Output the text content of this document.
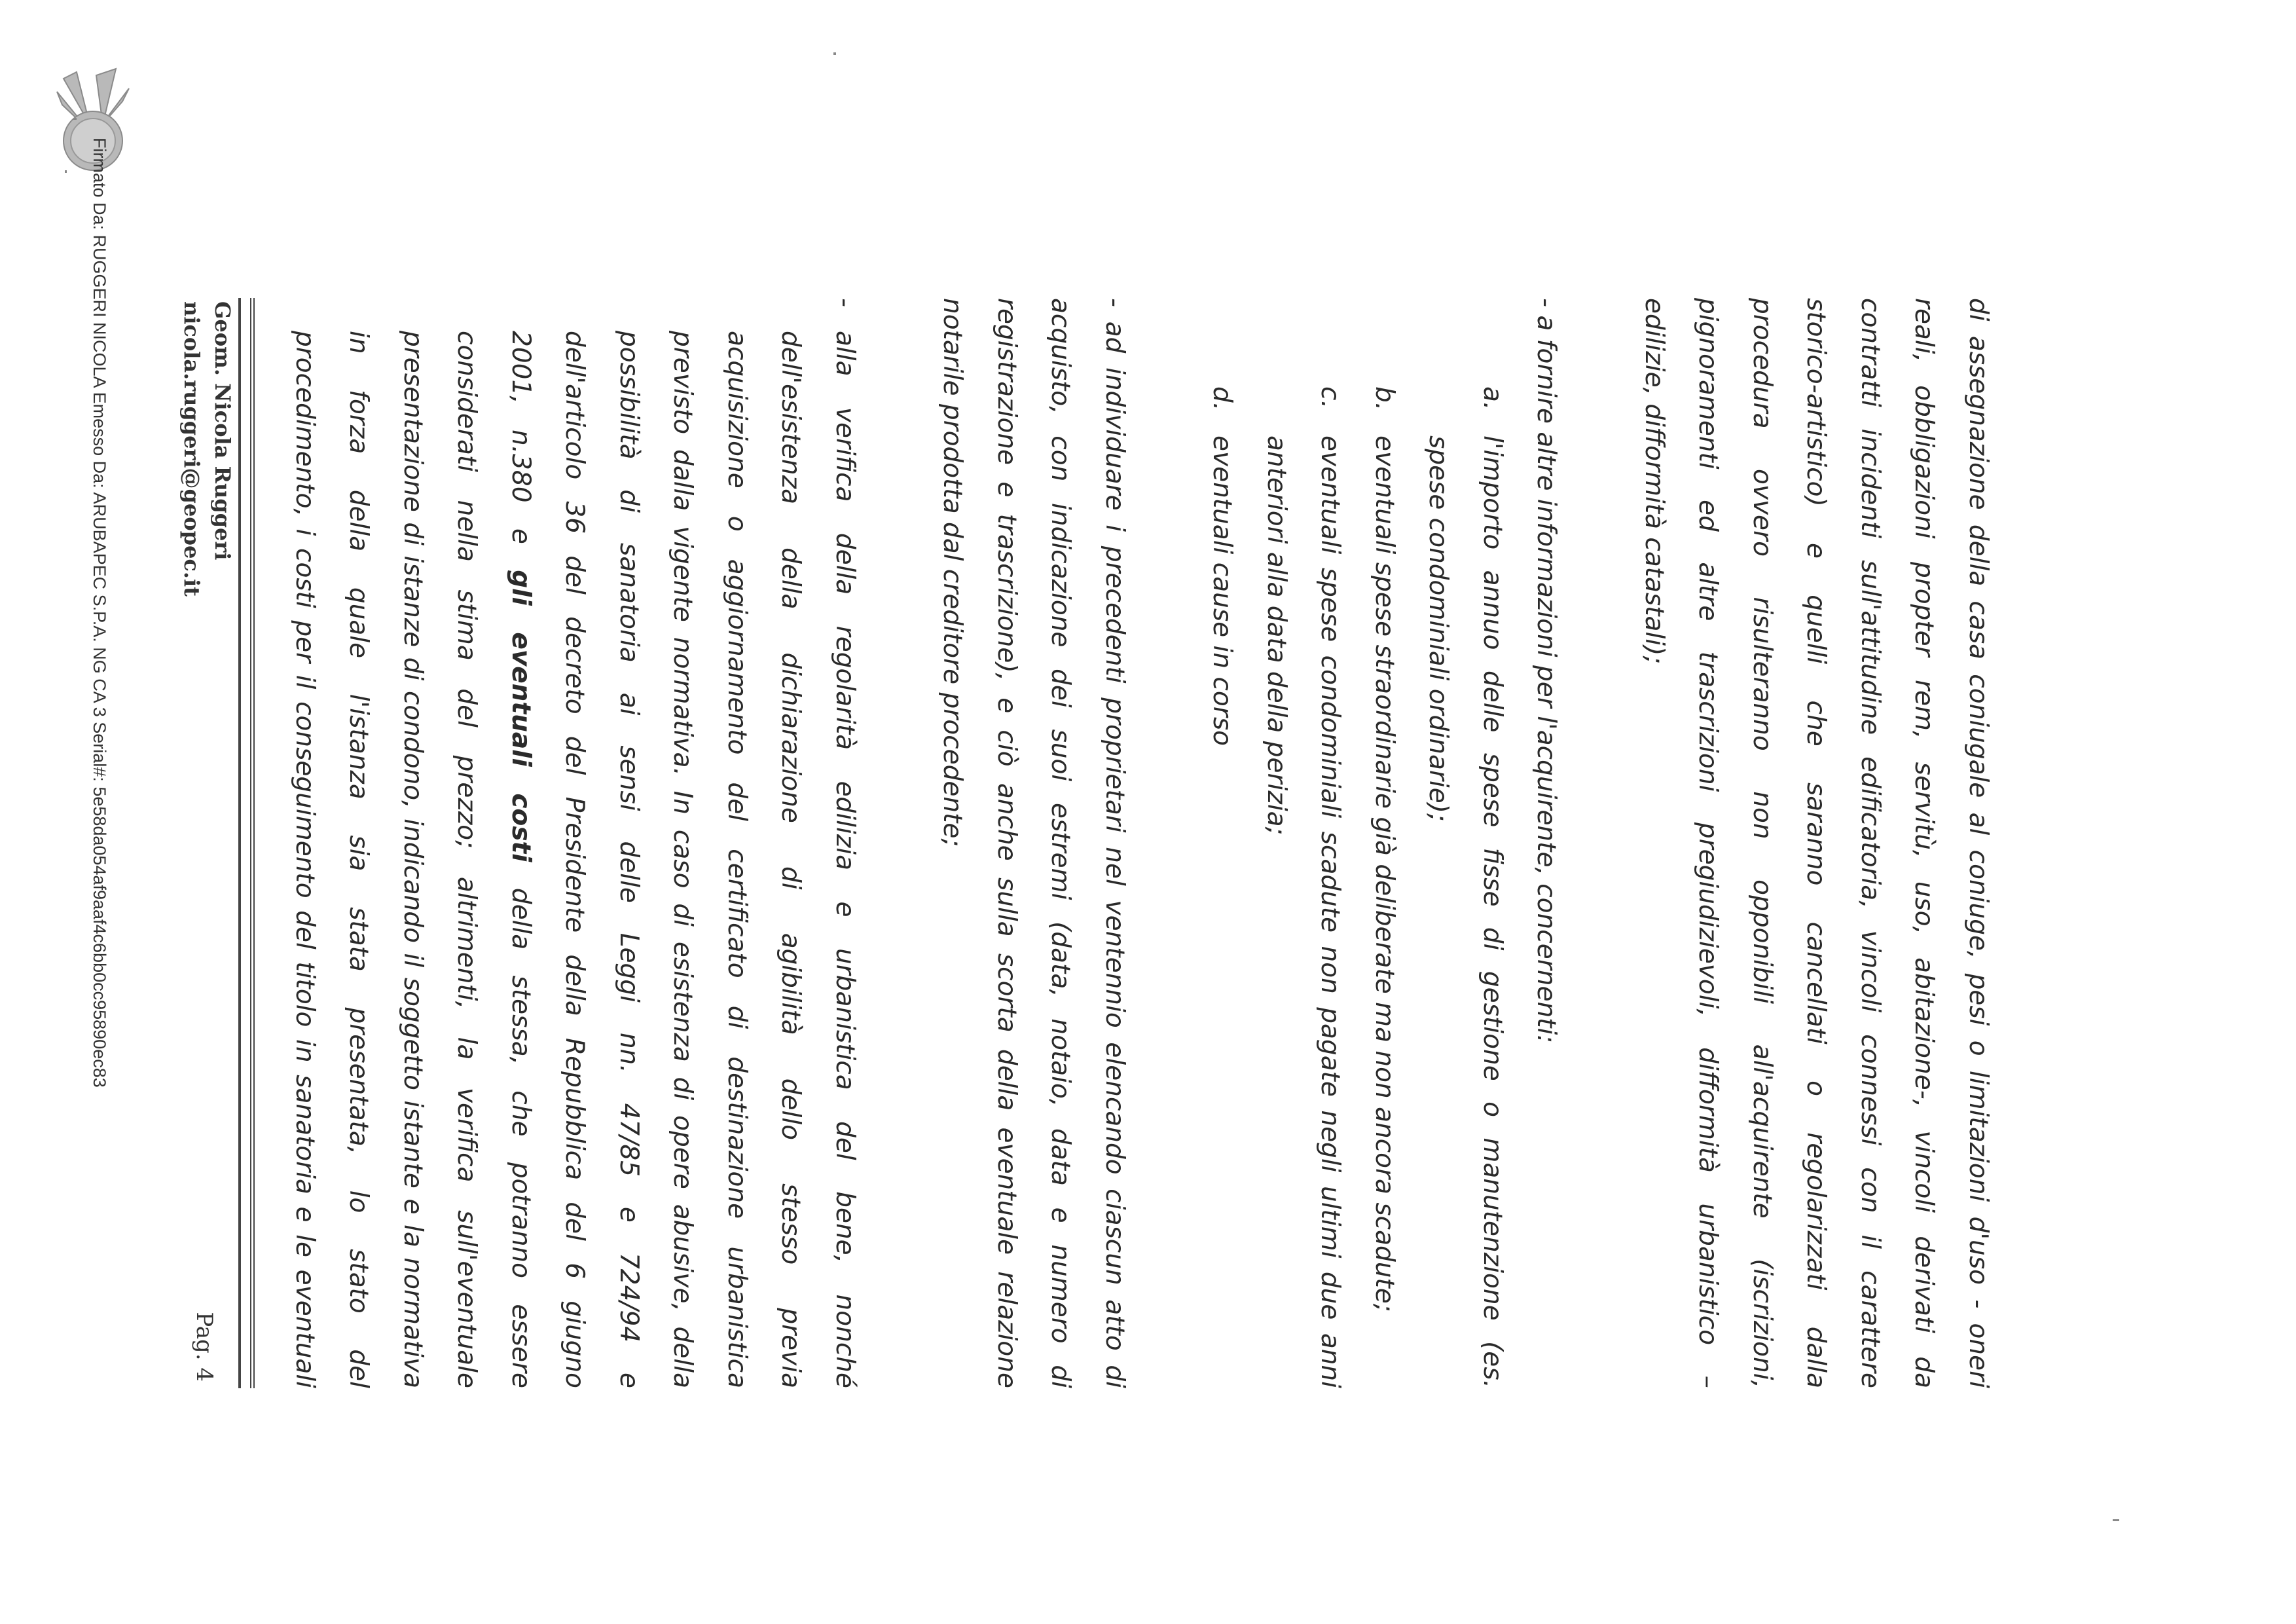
di assegnazione della casa coniugale al coniuge, pesi o limitazioni d'uso - oneri
reali, obbligazioni propter rem, servitù, uso, abitazione-, vincoli derivati da
contratti incidenti sull'attitudine edificatoria, vincoli connessi con il carattere
storico-artistico) e quelli che saranno cancellati o regolarizzati dalla
procedura ovvero risulteranno non opponibili all'acquirente (iscrizioni,
pignoramenti ed altre trascrizioni pregiudizievoli, difformità urbanistico –
edilizie, difformità catastali);
- a fornire altre informazioni per l'acquirente, concernenti:
a.
l'importo annuo delle spese fisse di gestione o manutenzione (es.
spese condominiali ordinarie);
b.
eventuali spese straordinarie già deliberate ma non ancora scadute;
c.
eventuali spese condominiali scadute non pagate negli ultimi due anni
anteriori alla data della perizia;
d.
eventuali cause in corso
- ad individuare i precedenti proprietari nel ventennio elencando ciascun atto di
acquisto, con indicazione dei suoi estremi (data, notaio, data e numero di
registrazione e trascrizione), e ciò anche sulla scorta della eventuale relazione
notarile prodotta dal creditore procedente;
-
alla verifica della regolarità edilizia e urbanistica del bene, nonché
dell'esistenza della dichiarazione di agibilità dello stesso previa
acquisizione o aggiornamento del certificato di destinazione urbanistica
previsto dalla vigente normativa. In caso di esistenza di opere abusive, della
possibilità di sanatoria ai sensi delle Leggi nn. 47/85 e 724/94 e
dell'articolo 36 del decreto del Presidente della Repubblica del 6 giugno
2001, n.380 e gli eventuali costi della stessa, che potranno essere
considerati nella stima del prezzo; altrimenti, la verifica sull'eventuale
presentazione di istanze di condono, indicando il soggetto istante e la normativa
in forza della quale l'istanza sia stata presentata, lo stato del
procedimento, i costi per il conseguimento del titolo in sanatoria e le eventuali
Geom. Nicola Ruggeri
nicola.ruggeri@geopec.it
Pag. 4
Firmato Da: RUGGERI NICOLA Emesso Da: ARUBAPEC S.P.A. NG CA 3 Serial#: 5e58da054af9aaf4c6bb0cc95890ec83
